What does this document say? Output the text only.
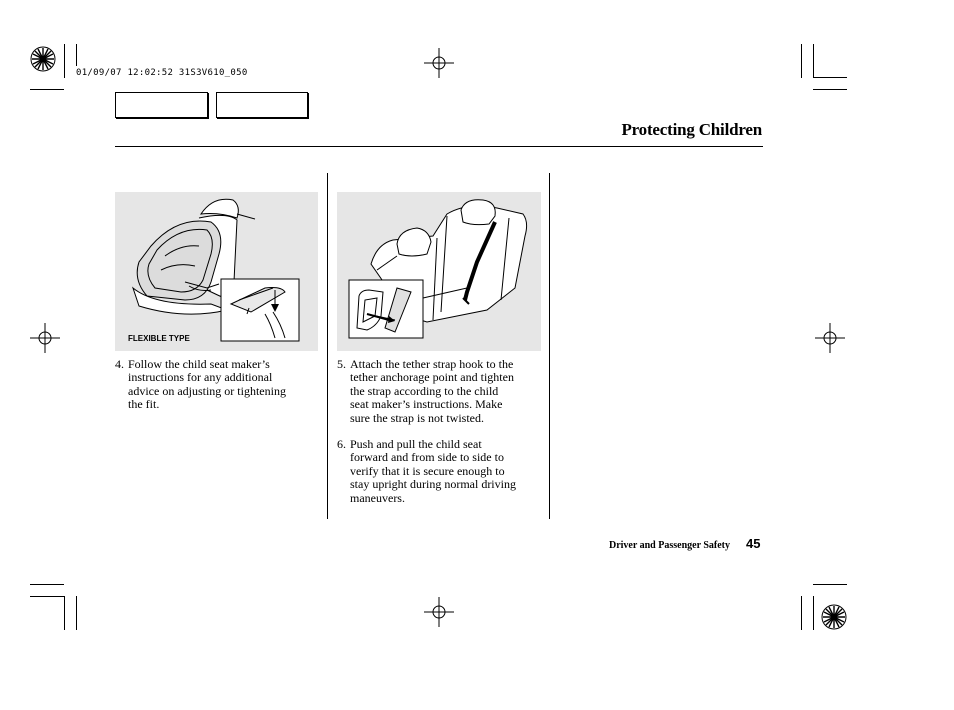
01/09/07 12:02:52 31S3V610_050
Protecting Children
FLEXIBLE TYPE
4. Follow the child seat maker’s
instructions for any additional
advice on adjusting or tightening
the fit.
5. Attach the tether strap hook to the
tether anchorage point and tighten
the strap according to the child
seat maker’s instructions. Make
sure the strap is not twisted.
6. Push and pull the child seat
forward and from side to side to
verify that it is secure enough to
stay upright during normal driving
maneuvers.
Driver and Passenger Safety 45
